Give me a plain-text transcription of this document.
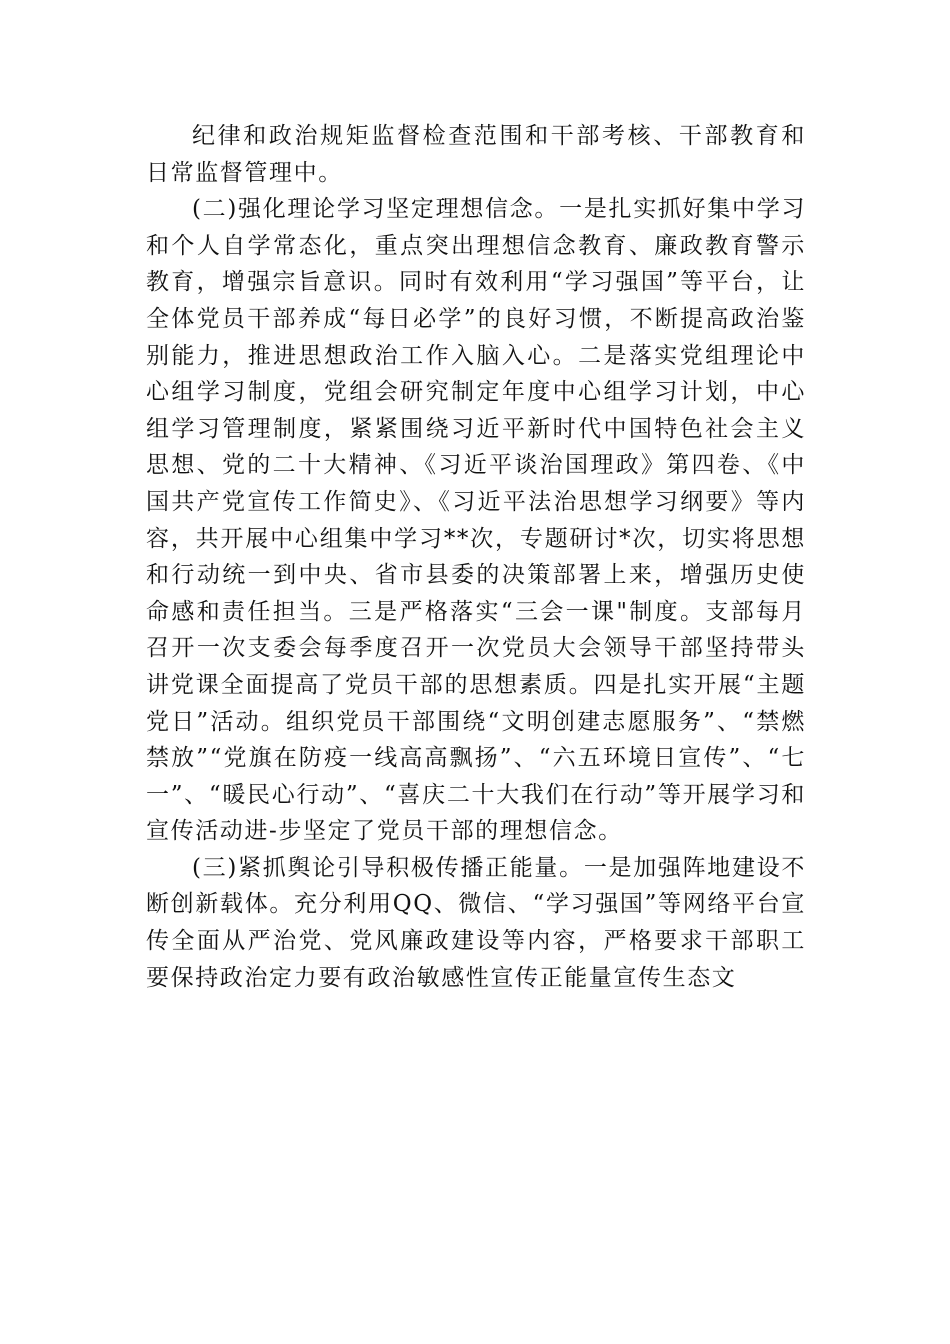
纪律和政治规矩监督检查范围和干部考核、干部教育和日常监督管理中。

(二)强化理论学习坚定理想信念。一是扎实抓好集中学习和个人自学常态化，重点突出理想信念教育、廉政教育警示教育，增强宗旨意识。同时有效利用“学习强国”等平台，让全体党员干部养成“每日必学”的良好习惯，不断提高政治鉴别能力，推进思想政治工作入脑入心。二是落实党组理论中心组学习制度，党组会研究制定年度中心组学习计划，中心组学习管理制度，紧紧围绕习近平新时代中国特色社会主义思想、党的二十大精神、《习近平谈治国理政》第四卷、《中国共产党宣传工作简史》、《习近平法治思想学习纲要》等内容，共开展中心组集中学习**次，专题研讨*次，切实将思想和行动统一到中央、省市县委的决策部署上来，增强历史使命感和责任担当。三是严格落实“三会一课"制度。支部每月召开一次支委会每季度召开一次党员大会领导干部坚持带头讲党课全面提高了党员干部的思想素质。四是扎实开展“主题党日”活动。组织党员干部围绕“文明创建志愿服务”、“禁燃禁放”“党旗在防疫一线高高飘扬”、“六五环境日宣传”、“七一”、“暖民心行动”、“喜庆二十大我们在行动”等开展学习和宣传活动进-步坚定了党员干部的理想信念。

(三)紧抓舆论引导积极传播正能量。一是加强阵地建设不断创新载体。充分利用QQ、微信、“学习强国”等网络平台宣传全面从严治党、党风廉政建设等内容，严格要求干部职工要保持政治定力要有政治敏感性宣传正能量宣传生态文
